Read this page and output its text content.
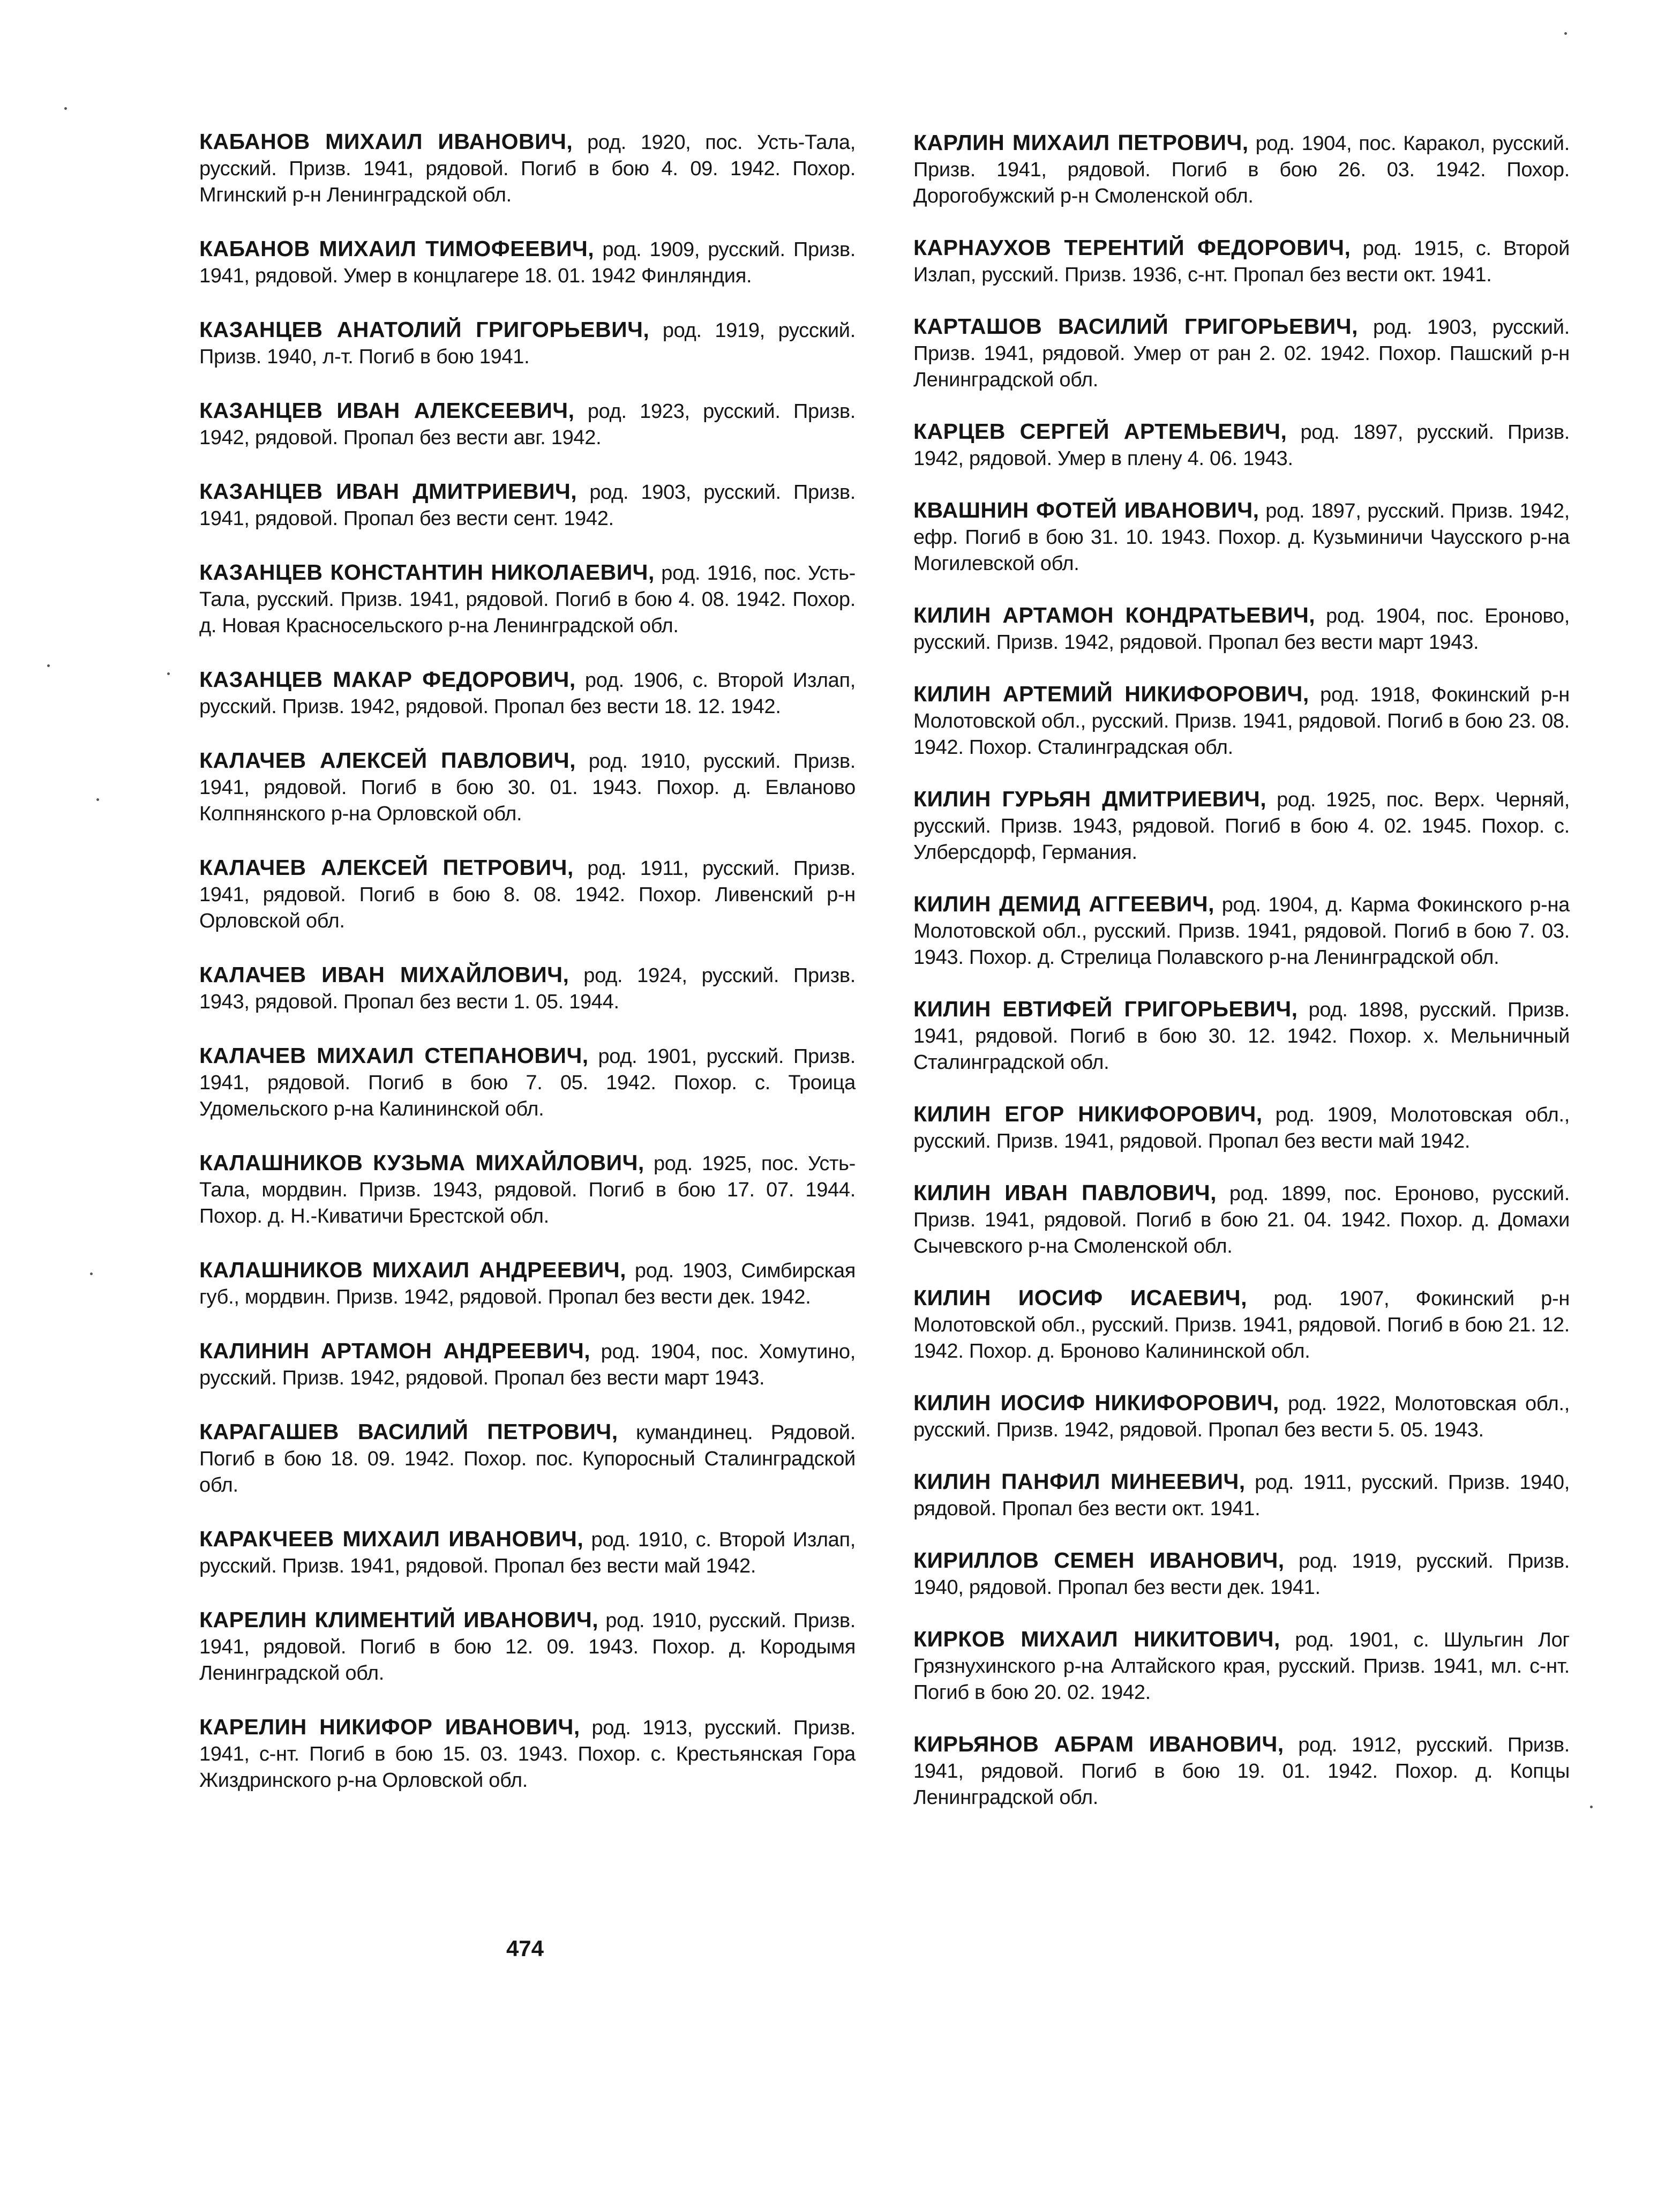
КАБАНОВ МИХАИЛ ИВАНОВИЧ, род. 1920, пос. Усть-Тала, русский. Призв. 1941, рядовой. Погиб в бою 4. 09. 1942. Похор. Мгинский р-н Ленинградской обл.

КАБАНОВ МИХАИЛ ТИМОФЕЕВИЧ, род. 1909, русский. Призв. 1941, рядовой. Умер в концлагере 18. 01. 1942 Финляндия.

КАЗАНЦЕВ АНАТОЛИЙ ГРИГОРЬЕВИЧ, род. 1919, русский. Призв. 1940, л-т. Погиб в бою 1941.

КАЗАНЦЕВ ИВАН АЛЕКСЕЕВИЧ, род. 1923, русский. Призв. 1942, рядовой. Пропал без вести авг. 1942.

КАЗАНЦЕВ ИВАН ДМИТРИЕВИЧ, род. 1903, русский. Призв. 1941, рядовой. Пропал без вести сент. 1942.

КАЗАНЦЕВ КОНСТАНТИН НИКОЛАЕВИЧ, род. 1916, пос. Усть-Тала, русский. Призв. 1941, рядовой. Погиб в бою 4. 08. 1942. Похор. д. Новая Красносельского р-на Ленинградской обл.

КАЗАНЦЕВ МАКАР ФЕДОРОВИЧ, род. 1906, с. Второй Излап, русский. Призв. 1942, рядовой. Пропал без вести 18. 12. 1942.

КАЛАЧЕВ АЛЕКСЕЙ ПАВЛОВИЧ, род. 1910, русский. Призв. 1941, рядовой. Погиб в бою 30. 01. 1943. Похор. д. Евланово Колпнянского р-на Орловской обл.

КАЛАЧЕВ АЛЕКСЕЙ ПЕТРОВИЧ, род. 1911, русский. Призв. 1941, рядовой. Погиб в бою 8. 08. 1942. Похор. Ливенский р-н Орловской обл.

КАЛАЧЕВ ИВАН МИХАЙЛОВИЧ, род. 1924, русский. Призв. 1943, рядовой. Пропал без вести 1. 05. 1944.

КАЛАЧЕВ МИХАИЛ СТЕПАНОВИЧ, род. 1901, русский. Призв. 1941, рядовой. Погиб в бою 7. 05. 1942. Похор. с. Троица Удомельского р-на Калининской обл.

КАЛАШНИКОВ КУЗЬМА МИХАЙЛОВИЧ, род. 1925, пос. Усть-Тала, мордвин. Призв. 1943, рядовой. Погиб в бою 17. 07. 1944. Похор. д. Н.-Киватичи Брестской обл.

КАЛАШНИКОВ МИХАИЛ АНДРЕЕВИЧ, род. 1903, Симбирская губ., мордвин. Призв. 1942, рядовой. Пропал без вести дек. 1942.

КАЛИНИН АРТАМОН АНДРЕЕВИЧ, род. 1904, пос. Хомутино, русский. Призв. 1942, рядовой. Пропал без вести март 1943.

КАРАГАШЕВ ВАСИЛИЙ ПЕТРОВИЧ, кумандинец. Рядовой. Погиб в бою 18. 09. 1942. Похор. пос. Купоросный Сталинградской обл.

КАРАКЧЕЕВ МИХАИЛ ИВАНОВИЧ, род. 1910, с. Второй Излап, русский. Призв. 1941, рядовой. Пропал без вести май 1942.

КАРЕЛИН КЛИМЕНТИЙ ИВАНОВИЧ, род. 1910, русский. Призв. 1941, рядовой. Погиб в бою 12. 09. 1943. Похор. д. Кородымя Ленинградской обл.

КАРЕЛИН НИКИФОР ИВАНОВИЧ, род. 1913, русский. Призв. 1941, с-нт. Погиб в бою 15. 03. 1943. Похор. с. Крестьянская Гора Жиздринского р-на Орловской обл.

КАРЛИН МИХАИЛ ПЕТРОВИЧ, род. 1904, пос. Каракол, русский. Призв. 1941, рядовой. Погиб в бою 26. 03. 1942. Похор. Дорогобужский р-н Смоленской обл.

КАРНАУХОВ ТЕРЕНТИЙ ФЕДОРОВИЧ, род. 1915, с. Второй Излап, русский. Призв. 1936, с-нт. Пропал без вести окт. 1941.

КАРТАШОВ ВАСИЛИЙ ГРИГОРЬЕВИЧ, род. 1903, русский. Призв. 1941, рядовой. Умер от ран 2. 02. 1942. Похор. Пашский р-н Ленинградской обл.

КАРЦЕВ СЕРГЕЙ АРТЕМЬЕВИЧ, род. 1897, русский. Призв. 1942, рядовой. Умер в плену 4. 06. 1943.

КВАШНИН ФОТЕЙ ИВАНОВИЧ, род. 1897, русский. Призв. 1942, ефр. Погиб в бою 31. 10. 1943. Похор. д. Кузьминичи Чаусского р-на Могилевской обл.

КИЛИН АРТАМОН КОНДРАТЬЕВИЧ, род. 1904, пос. Ероново, русский. Призв. 1942, рядовой. Пропал без вести март 1943.

КИЛИН АРТЕМИЙ НИКИФОРОВИЧ, род. 1918, Фокинский р-н Молотовской обл., русский. Призв. 1941, рядовой. Погиб в бою 23. 08. 1942. Похор. Сталинградская обл.

КИЛИН ГУРЬЯН ДМИТРИЕВИЧ, род. 1925, пос. Верх. Черняй, русский. Призв. 1943, рядовой. Погиб в бою 4. 02. 1945. Похор. с. Улберсдорф, Германия.

КИЛИН ДЕМИД АГГЕЕВИЧ, род. 1904, д. Карма Фокинского р-на Молотовской обл., русский. Призв. 1941, рядовой. Погиб в бою 7. 03. 1943. Похор. д. Стрелица Полавского р-на Ленинградской обл.

КИЛИН ЕВТИФЕЙ ГРИГОРЬЕВИЧ, род. 1898, русский. Призв. 1941, рядовой. Погиб в бою 30. 12. 1942. Похор. х. Мельничный Сталинградской обл.

КИЛИН ЕГОР НИКИФОРОВИЧ, род. 1909, Молотовская обл., русский. Призв. 1941, рядовой. Пропал без вести май 1942.

КИЛИН ИВАН ПАВЛОВИЧ, род. 1899, пос. Ероново, русский. Призв. 1941, рядовой. Погиб в бою 21. 04. 1942. Похор. д. Домахи Сычевского р-на Смоленской обл.

КИЛИН ИОСИФ ИСАЕВИЧ, род. 1907, Фокинский р-н Молотовской обл., русский. Призв. 1941, рядовой. Погиб в бою 21. 12. 1942. Похор. д. Броново Калининской обл.

КИЛИН ИОСИФ НИКИФОРОВИЧ, род. 1922, Молотовская обл., русский. Призв. 1942, рядовой. Пропал без вести 5. 05. 1943.

КИЛИН ПАНФИЛ МИНЕЕВИЧ, род. 1911, русский. Призв. 1940, рядовой. Пропал без вести окт. 1941.

КИРИЛЛОВ СЕМЕН ИВАНОВИЧ, род. 1919, русский. Призв. 1940, рядовой. Пропал без вести дек. 1941.

КИРКОВ МИХАИЛ НИКИТОВИЧ, род. 1901, с. Шульгин Лог Грязнухинского р-на Алтайского края, русский. Призв. 1941, мл. с-нт. Погиб в бою 20. 02. 1942.

КИРЬЯНОВ АБРАМ ИВАНОВИЧ, род. 1912, русский. Призв. 1941, рядовой. Погиб в бою 19. 01. 1942. Похор. д. Копцы Ленинградской обл.

474
